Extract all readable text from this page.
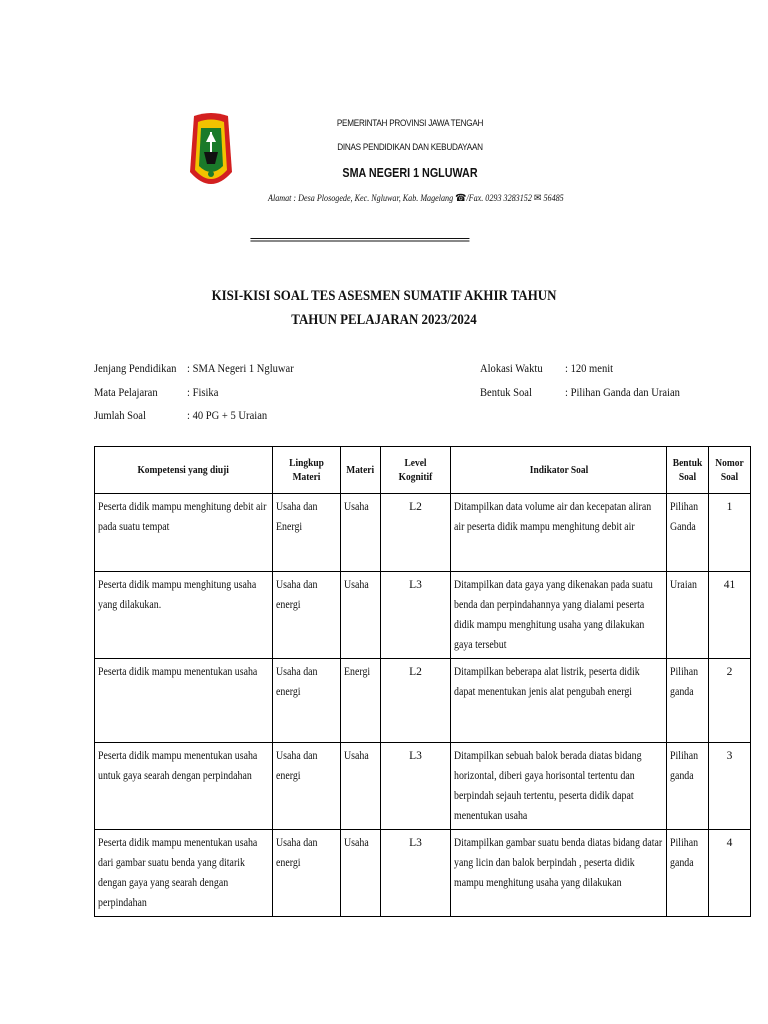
PEMERINTAH PROVINSI JAWA TENGAH
DINAS PENDIDIKAN DAN KEBUDAYAAN
SMA NEGERI 1 NGLUWAR
Alamat : Desa Plosogede, Kec. Ngluwar, Kab. Magelang ☎/Fax. 0293 3283152 ✉ 56485
==================================================================
KISI-KISI SOAL TES ASESMEN SUMATIF AKHIR TAHUN
TAHUN PELAJARAN 2023/2024
Jenjang Pendidikan : SMA Negeri 1 Ngluwar
Mata Pelajaran : Fisika
Jumlah Soal	: 40 PG + 5 Uraian
Alokasi Waktu : 120 menit
Bentuk Soal	: Pilihan Ganda dan Uraian
Kompetensi yang diuji	Lingkup Materi	Materi	Level Kognitif	Indikator Soal	Bentuk Soal	Nomor Soal

Peserta didik mampu menghitung debit air pada suatu tempat	Usaha dan Energi	Usaha	L2	Ditampilkan data volume air dan kecepatan aliran air peserta didik mampu menghitung debit air	Pilihan Ganda	1

Peserta didik mampu menghitung usaha yang dilakukan.	Usaha dan energi	Usaha	L3	Ditampilkan data gaya yang dikenakan pada suatu benda dan perpindahannya yang dialami peserta didik mampu menghitung usaha yang dilakukan gaya tersebut	Uraian	41

Peserta didik mampu menentukan usaha	Usaha dan energi	Energi	L2	Ditampilkan beberapa alat listrik, peserta didik dapat menentukan jenis alat pengubah energi	Pilihan ganda	2

Peserta didik mampu menentukan usaha untuk gaya searah dengan perpindahan	Usaha dan energi	Usaha	L3	Ditampilkan sebuah balok berada diatas bidang horizontal, diberi gaya horisontal tertentu dan berpindah sejauh tertentu, peserta didik dapat menentukan usaha	Pilihan ganda	3

Peserta didik mampu menentukan usaha dari gambar suatu benda yang ditarik dengan gaya yang searah dengan perpindahan	Usaha dan energi	Usaha	L3	Ditampilkan gambar suatu benda diatas bidang datar yang licin dan balok berpindah , peserta didik mampu menghitung usaha yang dilakukan	Pilihan ganda	4
